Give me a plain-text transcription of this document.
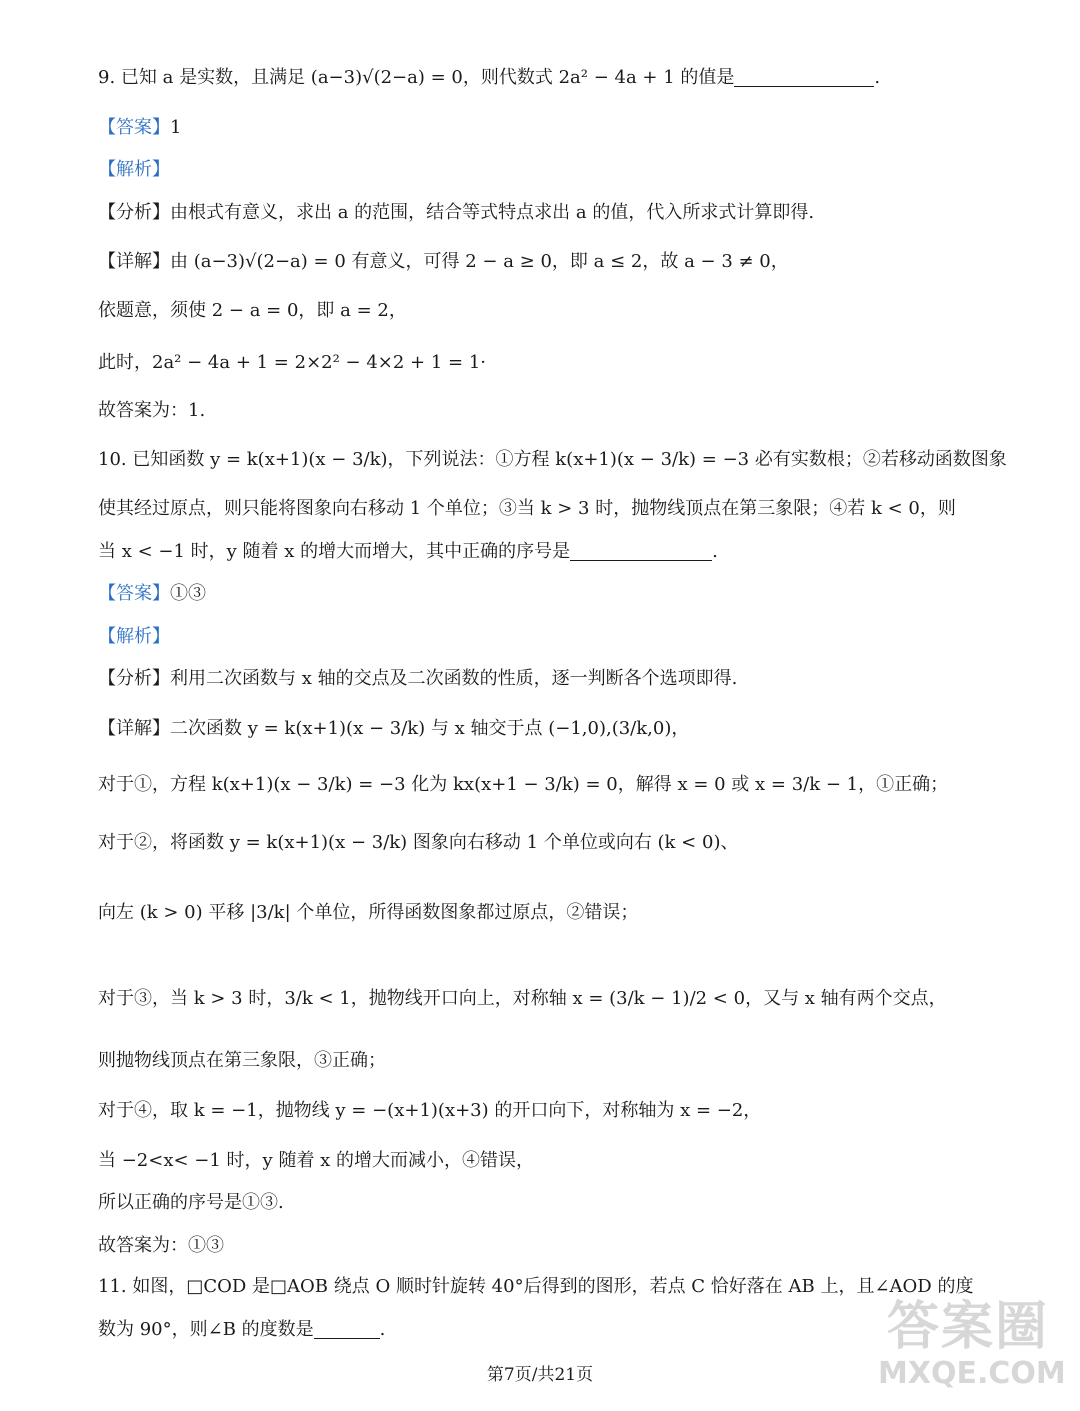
9. 已知 a 是实数，且满足 (a−3)√(2−a) = 0，则代数式 2a² − 4a + 1 的值是	.
【答案】1
【解析】
【分析】由根式有意义，求出 a 的范围，结合等式特点求出 a 的值，代入所求式计算即得.
【详解】由 (a−3)√(2−a) = 0 有意义，可得 2 − a ≥ 0，即 a ≤ 2，故 a − 3 ≠ 0，
依题意，须使 2 − a = 0，即 a = 2，
此时，2a² − 4a + 1 = 2×2² − 4×2 + 1 = 1·
故答案为：1.
10. 已知函数 y = k(x+1)(x − 3/k)，下列说法：①方程 k(x+1)(x − 3/k) = −3 必有实数根；②若移动函数图象
使其经过原点，则只能将图象向右移动 1 个单位；③当 k > 3 时，抛物线顶点在第三象限；④若 k < 0，则
当 x < −1 时，y 随着 x 的增大而增大，其中正确的序号是	.
【答案】①③
【解析】
【分析】利用二次函数与 x 轴的交点及二次函数的性质，逐一判断各个选项即得.
【详解】二次函数 y = k(x+1)(x − 3/k) 与 x 轴交于点 (−1,0),(3/k,0)，
对于①，方程 k(x+1)(x − 3/k) = −3 化为 kx(x+1 − 3/k) = 0，解得 x = 0 或 x = 3/k − 1，①正确；
对于②，将函数 y = k(x+1)(x − 3/k) 图象向右移动 1 个单位或向右 (k < 0)、
向左 (k > 0) 平移 |3/k| 个单位，所得函数图象都过原点，②错误；
对于③，当 k > 3 时，3/k < 1，抛物线开口向上，对称轴 x = (3/k − 1)/2 < 0，又与 x 轴有两个交点，
则抛物线顶点在第三象限，③正确；
对于④，取 k = −1，抛物线 y = −(x+1)(x+3) 的开口向下，对称轴为 x = −2，
当 −2<x< −1 时，y 随着 x 的增大而减小，④错误，
所以正确的序号是①③.
故答案为：①③
11. 如图，□COD 是□AOB 绕点 O 顺时针旋转 40°后得到的图形，若点 C 恰好落在 AB 上，且∠AOD 的度
数为 90°，则∠B 的度数是	.
第7页/共21页
答案圈
MXQE.COM
